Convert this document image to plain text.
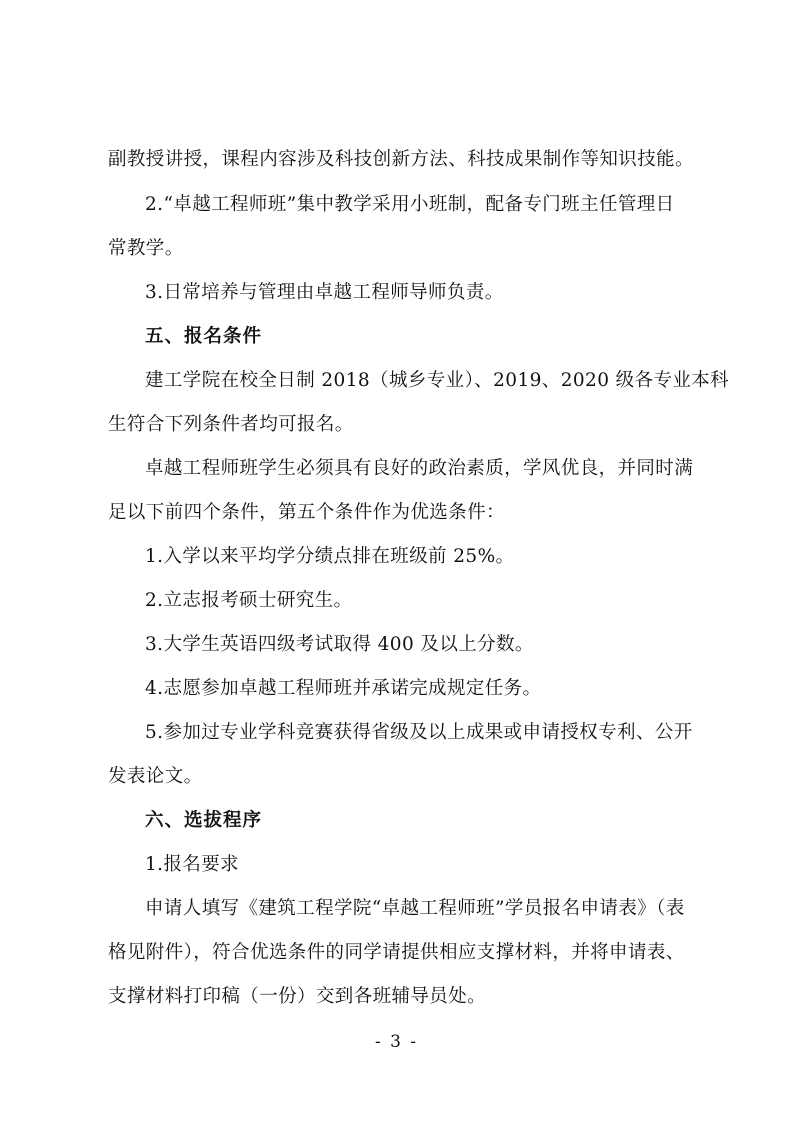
副教授讲授，课程内容涉及科技创新方法、科技成果制作等知识技能。
2.“卓越工程师班”集中教学采用小班制，配备专门班主任管理日
常教学。
3.日常培养与管理由卓越工程师导师负责。
五、报名条件
建工学院在校全日制 2018（城乡专业）、2019、2020 级各专业本科
生符合下列条件者均可报名。
卓越工程师班学生必须具有良好的政治素质，学风优良，并同时满
足以下前四个条件，第五个条件作为优选条件：
1.入学以来平均学分绩点排在班级前 25%。
2.立志报考硕士研究生。
3.大学生英语四级考试取得 400 及以上分数。
4.志愿参加卓越工程师班并承诺完成规定任务。
5.参加过专业学科竞赛获得省级及以上成果或申请授权专利、公开
发表论文。
六、选拔程序
1.报名要求
申请人填写《建筑工程学院“卓越工程师班”学员报名申请表》（表
格见附件），符合优选条件的同学请提供相应支撑材料，并将申请表、
支撑材料打印稿（一份）交到各班辅导员处。
- 3 -
